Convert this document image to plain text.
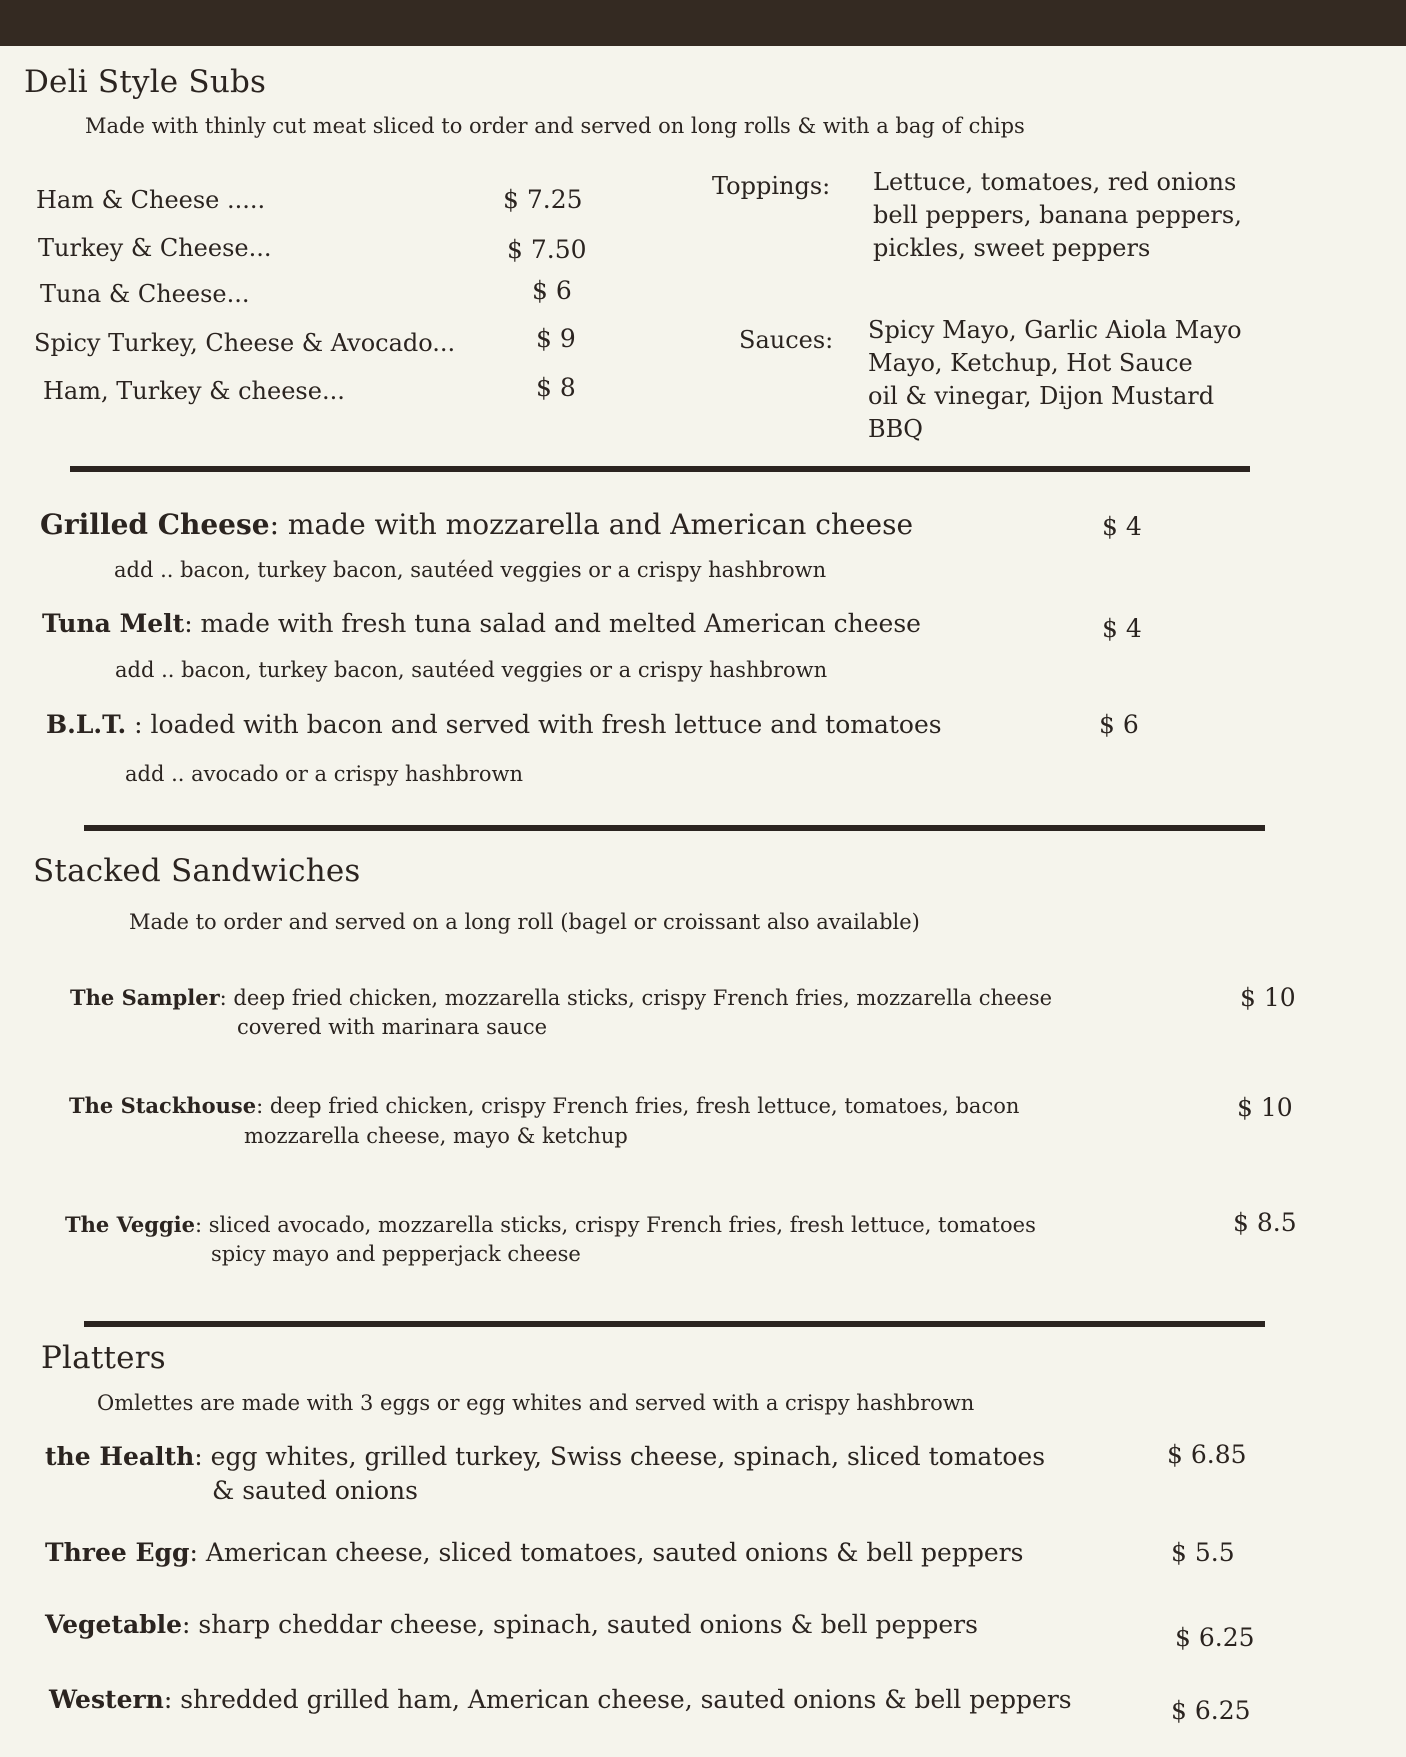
Deli Style Subs
Made with thinly cut meat sliced to order and served on long rolls & with a bag of chips
Ham & Cheese .....	$ 7.25
Turkey & Cheese...	$ 7.50
Tuna & Cheese...	$ 6
Spicy Turkey, Cheese & Avocado...	$ 9
Ham, Turkey & cheese...	$ 8
Toppings: Lettuce, tomatoes, red onions
bell peppers, banana peppers,
pickles, sweet peppers
Sauces: Spicy Mayo, Garlic Aiola Mayo
Mayo, Ketchup, Hot Sauce
oil & vinegar, Dijon Mustard
BBQ
Grilled Cheese: made with mozzarella and American cheese	$ 4
add .. bacon, turkey bacon, sautéed veggies or a crispy hashbrown
Tuna Melt: made with fresh tuna salad and melted American cheese	$ 4
add .. bacon, turkey bacon, sautéed veggies or a crispy hashbrown
B.L.T. : loaded with bacon and served with fresh lettuce and tomatoes	$ 6
add .. avocado or a crispy hashbrown
Stacked Sandwiches
Made to order and served on a long roll (bagel or croissant also available)
The Sampler: deep fried chicken, mozzarella sticks, crispy French fries, mozzarella cheese
covered with marinara sauce
$ 10
The Stackhouse: deep fried chicken, crispy French fries, fresh lettuce, tomatoes, bacon
mozzarella cheese, mayo & ketchup
$ 10
The Veggie: sliced avocado, mozzarella sticks, crispy French fries, fresh lettuce, tomatoes
spicy mayo and pepperjack cheese
$ 8.5
Platters
Omlettes are made with 3 eggs or egg whites and served with a crispy hashbrown
the Health: egg whites, grilled turkey, Swiss cheese, spinach, sliced tomatoes
& sauted onions
$ 6.85
Three Egg: American cheese, sliced tomatoes, sauted onions & bell peppers	$ 5.5
Vegetable: sharp cheddar cheese, spinach, sauted onions & bell peppers	$ 6.25
Western: shredded grilled ham, American cheese, sauted onions & bell peppers	$ 6.25
